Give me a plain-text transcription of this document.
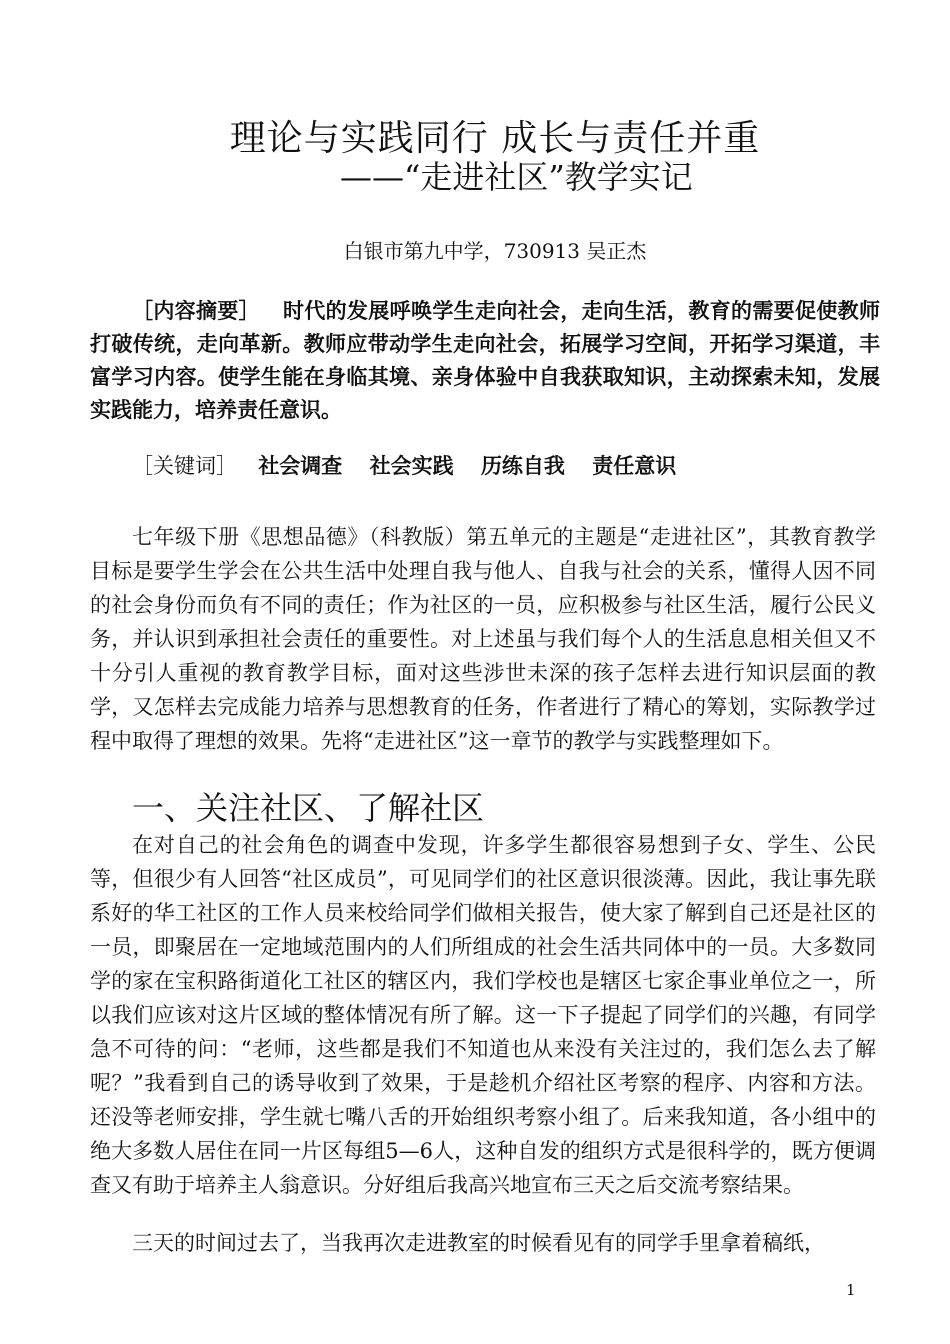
理论与实践同行 成长与责任并重
——“走进社区”教学实记
白银市第九中学，730913 吴正杰
［内容摘要］ 时代的发展呼唤学生走向社会，走向生活，教育的需要促使教师打破传统，走向革新。教师应带动学生走向社会，拓展学习空间，开拓学习渠道，丰富学习内容。使学生能在身临其境、亲身体验中自我获取知识，主动探索未知，发展实践能力，培养责任意识。
［关键词］ 社会调查 社会实践 历练自我 责任意识

七年级下册《思想品德》（科教版）第五单元的主题是“走进社区”，其教育教学目标是要学生学会在公共生活中处理自我与他人、自我与社会的关系，懂得人因不同的社会身份而负有不同的责任；作为社区的一员，应积极参与社区生活，履行公民义务，并认识到承担社会责任的重要性。对上述虽与我们每个人的生活息息相关但又不十分引人重视的教育教学目标，面对这些涉世未深的孩子怎样去进行知识层面的教学，又怎样去完成能力培养与思想教育的任务，作者进行了精心的筹划，实际教学过程中取得了理想的效果。先将“走进社区”这一章节的教学与实践整理如下。

一、关注社区、了解社区

在对自己的社会角色的调查中发现，许多学生都很容易想到子女、学生、公民等，但很少有人回答“社区成员”，可见同学们的社区意识很淡薄。因此，我让事先联系好的华工社区的工作人员来校给同学们做相关报告，使大家了解到自己还是社区的一员，即聚居在一定地域范围内的人们所组成的社会生活共同体中的一员。大多数同学的家在宝积路街道化工社区的辖区内，我们学校也是辖区七家企事业单位之一，所以我们应该对这片区域的整体情况有所了解。这一下子提起了同学们的兴趣，有同学急不可待的问：“老师，这些都是我们不知道也从来没有关注过的，我们怎么去了解呢？”我看到自己的诱导收到了效果，于是趁机介绍社区考察的程序、内容和方法。还没等老师安排，学生就七嘴八舌的开始组织考察小组了。后来我知道，各小组中的绝大多数人居住在同一片区每组5—6人，这种自发的组织方式是很科学的，既方便调查又有助于培养主人翁意识。分好组后我高兴地宣布三天之后交流考察结果。

三天的时间过去了，当我再次走进教室的时候看见有的同学手里拿着稿纸，

1
